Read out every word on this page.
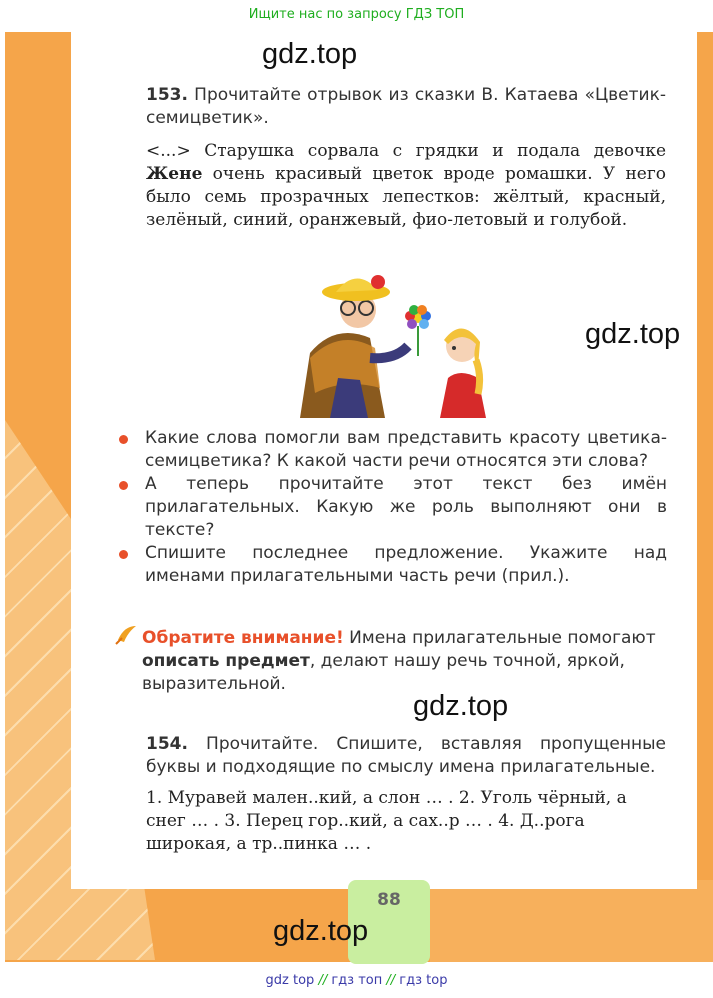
Ищите нас по запросу ГДЗ ТОП
gdz.top
gdz.top
gdz.top
153. Прочитайте отрывок из сказки В. Катаева «Цветик-семицветик».
<...> Старушка сорвала с грядки и подала девочке Жене очень красивый цветок вроде ромашки. У него было семь прозрачных лепестков: жёлтый, красный, зелёный, синий, оранжевый, фио-летовый и голубой.
Какие слова помогли вам представить красоту цветика-семицветика? К какой части речи относятся эти слова?
А теперь прочитайте этот текст без имён прилагательных. Какую же роль выполняют они в тексте?
Спишите последнее предложение. Укажите над именами прилагательными часть речи (прил.).
Обратите внимание! Имена прилагательные помогают описать предмет, делают нашу речь точной, яркой, выразительной.
154. Прочитайте. Спишите, вставляя пропущенные буквы и подходящие по смыслу имена прилагательные.
1. Муравей мален..кий, а слон … . 2. Уголь чёрный, а снег … . 3. Перец гор..кий, а сах..р … . 4. Д..рога широкая, а тр..пинка … .
88
gdz.top
gdz top // гдз топ // гдз top
